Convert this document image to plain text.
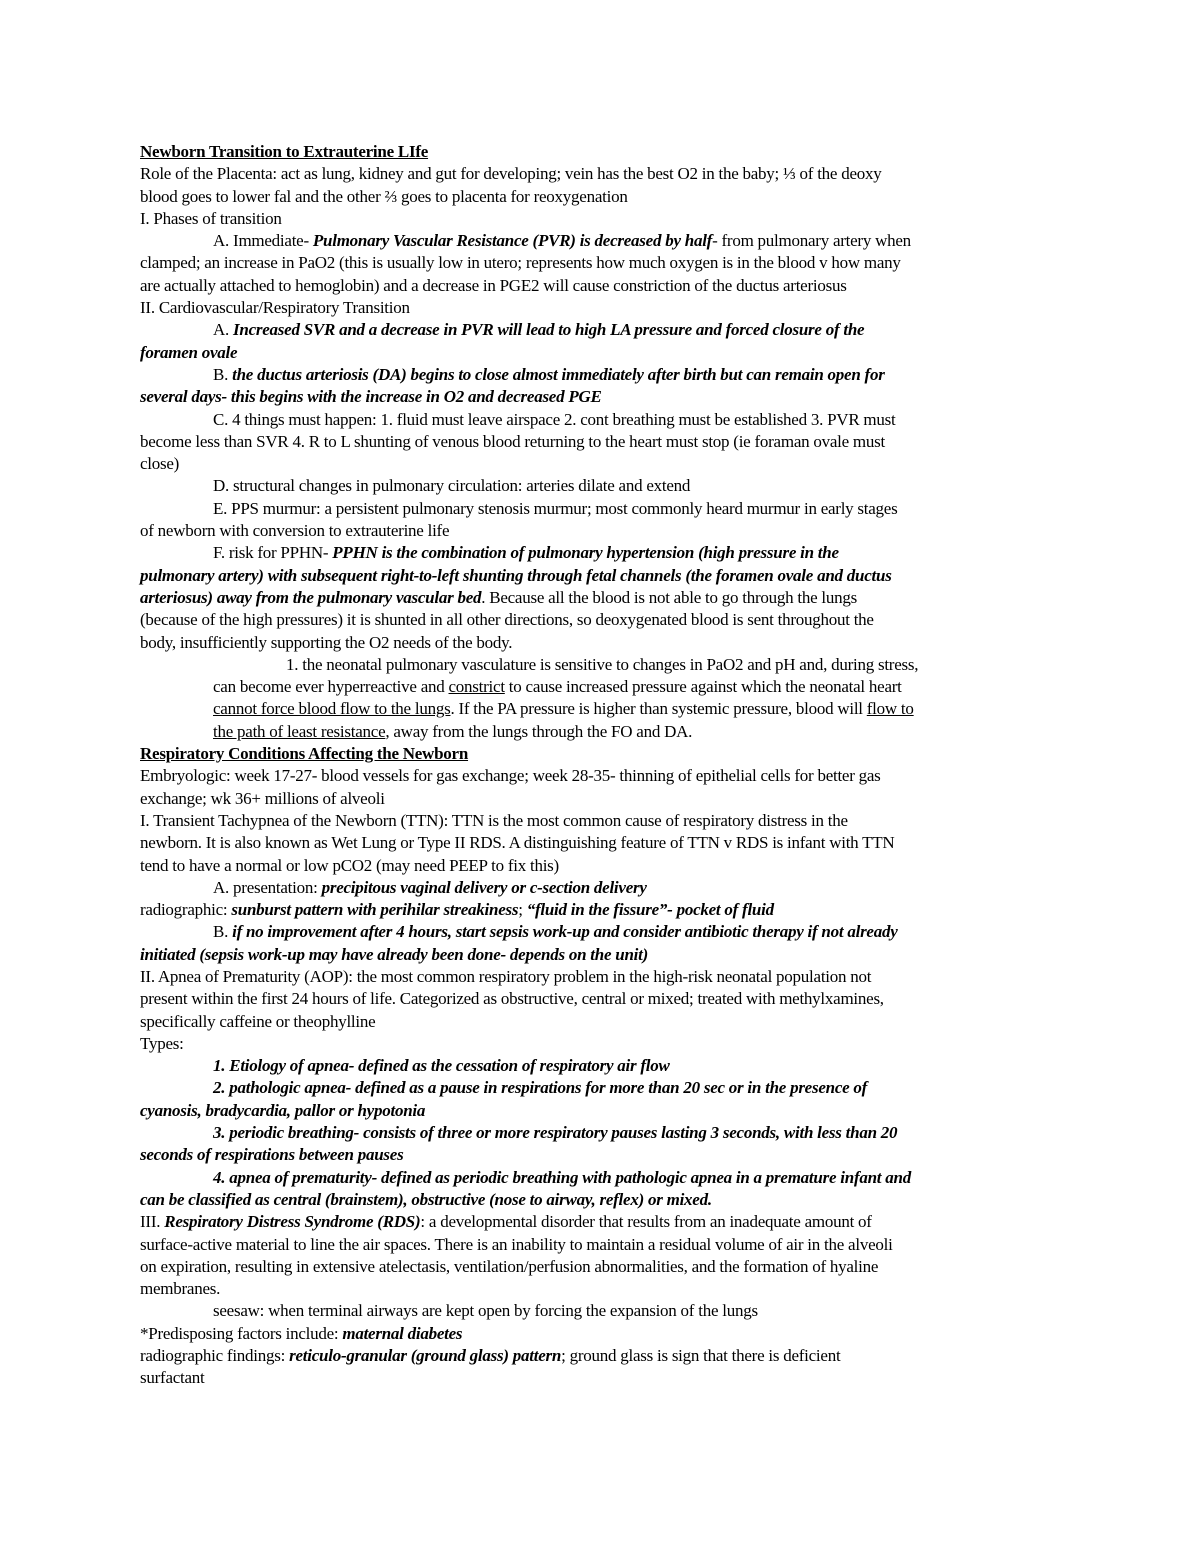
Newborn Transition to Extrauterine LIfe
Role of the Placenta: act as lung, kidney and gut for developing; vein has the best O2 in the baby; ⅓ of the deoxy
blood goes to lower fal and the other ⅔ goes to placenta for reoxygenation
I. Phases of transition
A. Immediate- Pulmonary Vascular Resistance (PVR) is decreased by half- from pulmonary artery when
clamped; an increase in PaO2 (this is usually low in utero; represents how much oxygen is in the blood v how many
are actually attached to hemoglobin) and a decrease in PGE2 will cause constriction of the ductus arteriosus
II. Cardiovascular/Respiratory Transition
A. Increased SVR and a decrease in PVR will lead to high LA pressure and forced closure of the
foramen ovale
B. the ductus arteriosis (DA) begins to close almost immediately after birth but can remain open for
several days- this begins with the increase in O2 and decreased PGE
C. 4 things must happen: 1. fluid must leave airspace 2. cont breathing must be established 3. PVR must
become less than SVR 4. R to L shunting of venous blood returning to the heart must stop (ie foraman ovale must
close)
D. structural changes in pulmonary circulation: arteries dilate and extend
E. PPS murmur: a persistent pulmonary stenosis murmur; most commonly heard murmur in early stages
of newborn with conversion to extrauterine life
F. risk for PPHN- PPHN is the combination of pulmonary hypertension (high pressure in the
pulmonary artery) with subsequent right-to-left shunting through fetal channels (the foramen ovale and ductus
arteriosus) away from the pulmonary vascular bed. Because all the blood is not able to go through the lungs
(because of the high pressures) it is shunted in all other directions, so deoxygenated blood is sent throughout the
body, insufficiently supporting the O2 needs of the body.
1. the neonatal pulmonary vasculature is sensitive to changes in PaO2 and pH and, during stress,
can become ever hyperreactive and constrict to cause increased pressure against which the neonatal heart
cannot force blood flow to the lungs. If the PA pressure is higher than systemic pressure, blood will flow to
the path of least resistance, away from the lungs through the FO and DA.
Respiratory Conditions Affecting the Newborn
Embryologic: week 17-27- blood vessels for gas exchange; week 28-35- thinning of epithelial cells for better gas
exchange; wk 36+ millions of alveoli
I. Transient Tachypnea of the Newborn (TTN): TTN is the most common cause of respiratory distress in the
newborn. It is also known as Wet Lung or Type II RDS. A distinguishing feature of TTN v RDS is infant with TTN
tend to have a normal or low pCO2 (may need PEEP to fix this)
A. presentation: precipitous vaginal delivery or c-section delivery
radiographic: sunburst pattern with perihilar streakiness; “fluid in the fissure”- pocket of fluid
B. if no improvement after 4 hours, start sepsis work-up and consider antibiotic therapy if not already
initiated (sepsis work-up may have already been done- depends on the unit)
II. Apnea of Prematurity (AOP): the most common respiratory problem in the high-risk neonatal population not
present within the first 24 hours of life. Categorized as obstructive, central or mixed; treated with methylxamines,
specifically caffeine or theophylline
Types:
1. Etiology of apnea- defined as the cessation of respiratory air flow
2. pathologic apnea- defined as a pause in respirations for more than 20 sec or in the presence of
cyanosis, bradycardia, pallor or hypotonia
3. periodic breathing- consists of three or more respiratory pauses lasting 3 seconds, with less than 20
seconds of respirations between pauses
4. apnea of prematurity- defined as periodic breathing with pathologic apnea in a premature infant and
can be classified as central (brainstem), obstructive (nose to airway, reflex) or mixed.
III. Respiratory Distress Syndrome (RDS): a developmental disorder that results from an inadequate amount of
surface-active material to line the air spaces. There is an inability to maintain a residual volume of air in the alveoli
on expiration, resulting in extensive atelectasis, ventilation/perfusion abnormalities, and the formation of hyaline
membranes.
seesaw: when terminal airways are kept open by forcing the expansion of the lungs
*Predisposing factors include: maternal diabetes
radiographic findings: reticulo-granular (ground glass) pattern; ground glass is sign that there is deficient
surfactant
